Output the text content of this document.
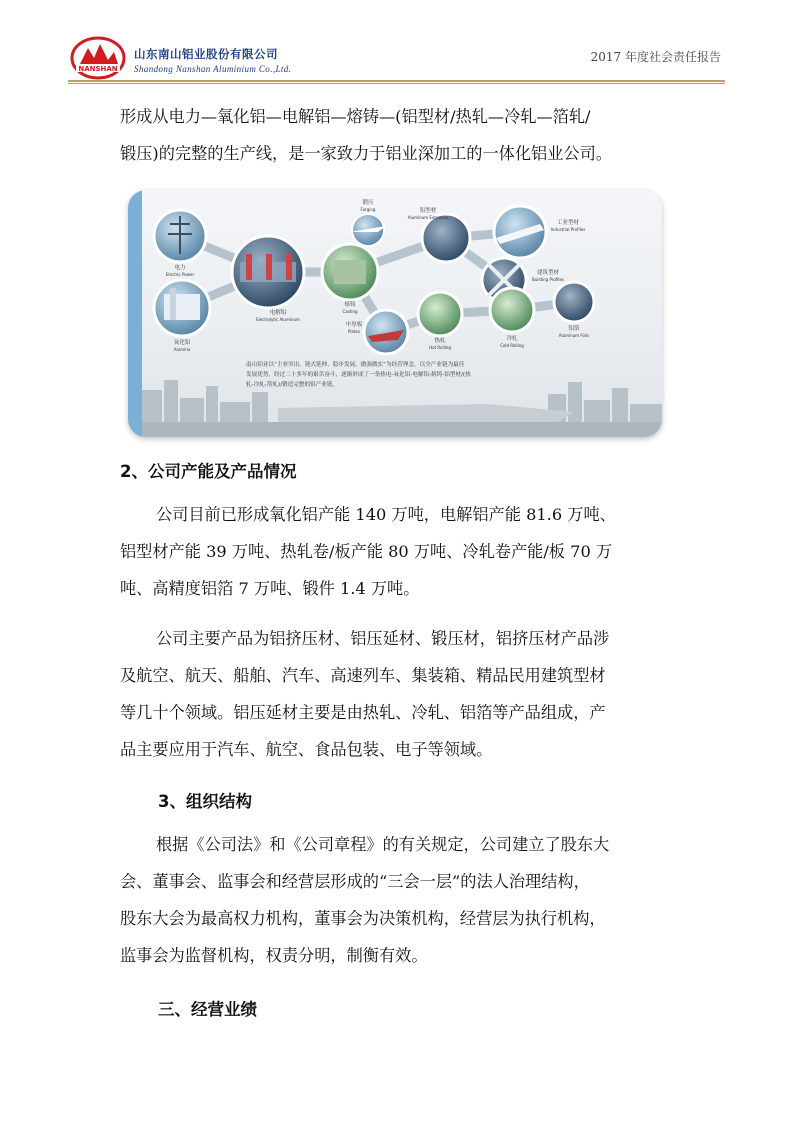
NANSHAN
山东南山铝业股份有限公司
Shandong Nanshan Aluminium Co.,Ltd.
2017 年度社会责任报告
形成从电力—氧化铝—电解铝—熔铸—(铝型材/热轧—冷轧—箔轧/
锻压)的完整的生产线，是一家致力于铝业深加工的一体化铝业公司。
电力
Electric Power
电解铝
Electrolytic Aluminum
氧化铝
Alumina
锻压
Forging
熔铸
Casting
中厚板
Plates
铝型材
Aluminum Extrusion
热轧
Hot Rolling
工业型材
Industrial Profiles
建筑型材
Building Profiles
冷轧
Cold Rolling
铝箔
Aluminum Foils
南山铝业以“主业突出、链式延伸、稳步发展、做强做实”为经营理念，以全产业链为最佳
发展优势，经过二十多年的艰苦奋斗，逐渐形成了一条热电-氧化铝-电解铝-熔铸-铝型材/(热
轧-冷轧-箔轧)/锻造完整的铝产业链。
2、公司产能及产品情况
公司目前已形成氧化铝产能 140 万吨，电解铝产能 81.6 万吨、
铝型材产能 39 万吨、热轧卷/板产能 80 万吨、冷轧卷产能/板 70 万
吨、高精度铝箔 7 万吨、锻件 1.4 万吨。
公司主要产品为铝挤压材、铝压延材、锻压材，铝挤压材产品涉
及航空、航天、船舶、汽车、高速列车、集装箱、精品民用建筑型材
等几十个领域。铝压延材主要是由热轧、冷轧、铝箔等产品组成，产
品主要应用于汽车、航空、食品包装、电子等领域。
3、组织结构
根据《公司法》和《公司章程》的有关规定，公司建立了股东大
会、董事会、监事会和经营层形成的“三会一层”的法人治理结构，
股东大会为最高权力机构，董事会为决策机构，经营层为执行机构，
监事会为监督机构，权责分明，制衡有效。
三、经营业绩
